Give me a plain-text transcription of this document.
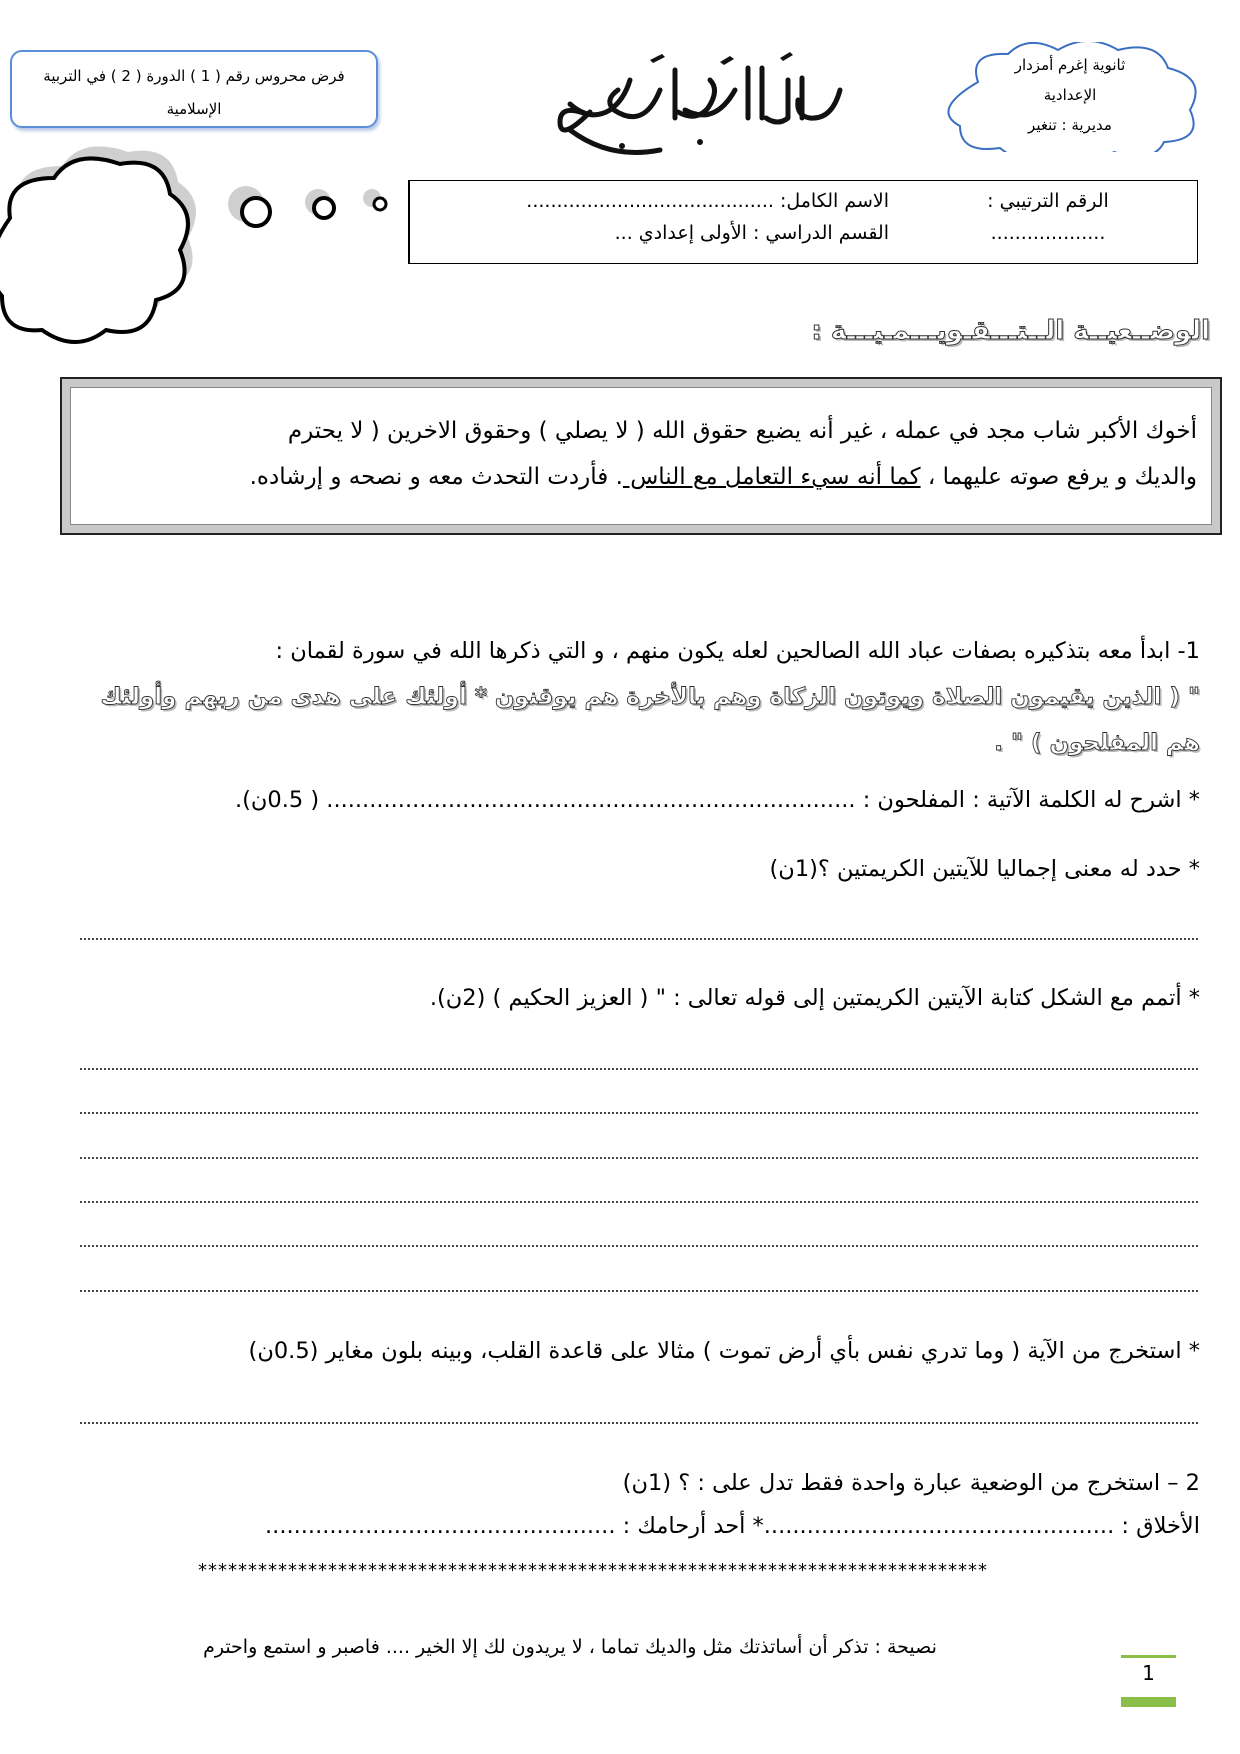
فرض محروس رقم ( 1 ) الدورة ( 2 ) في التربية الإسلامية
ثانوية إغرم أمزدار
الإعدادية
مديرية : تنغير
الاسم الكامل: .........................................
القسم الدراسي : الأولى إعدادي ...
الرقم الترتيبي :
...................
الوضــعيــة الــتـــقـويـــمـيـــة :
أخوك الأكبر شاب مجد في عمله ، غير أنه يضيع حقوق الله ( لا يصلي ) وحقوق الاخرين ( لا يحترم
والديك و يرفع صوته عليهما ، كما أنه سيء التعامل مع الناس . فأردت التحدث معه و نصحه و إرشاده.
1- ابدأ معه بتذكيره بصفات عباد الله الصالحين لعله يكون منهم ، و التي ذكرها الله في سورة لقمان :
" ( الذين يقيمون الصلاة ويوتون الزكاة وهم بالأخرة هم يوقنون * أولئك على هدى من ربهم وأولئك
هم المفلحون ) " .
* اشرح له الكلمة الآتية : المفلحون : .......................................................................... ( 0.5ن).
* حدد له معنى إجماليا للآيتين الكريمتين ؟(1ن)
* أتمم مع الشكل كتابة الآيتين الكريمتين إلى قوله تعالى : " ( العزيز الحكيم ) (2ن).
* استخرج من الآية ( وما تدري نفس بأي أرض تموت ) مثالا على قاعدة القلب، وبينه بلون مغاير (0.5ن)
2 – استخرج من الوضعية عبارة واحدة فقط تدل على : ؟ (1ن)
الأخلاق : .................................................* أحد أرحامك : .................................................
*******************************************************************************
نصيحة : تذكر أن أساتذتك مثل والديك تماما ، لا يريدون لك إلا الخير .... فاصبر و استمع واحترم
1
